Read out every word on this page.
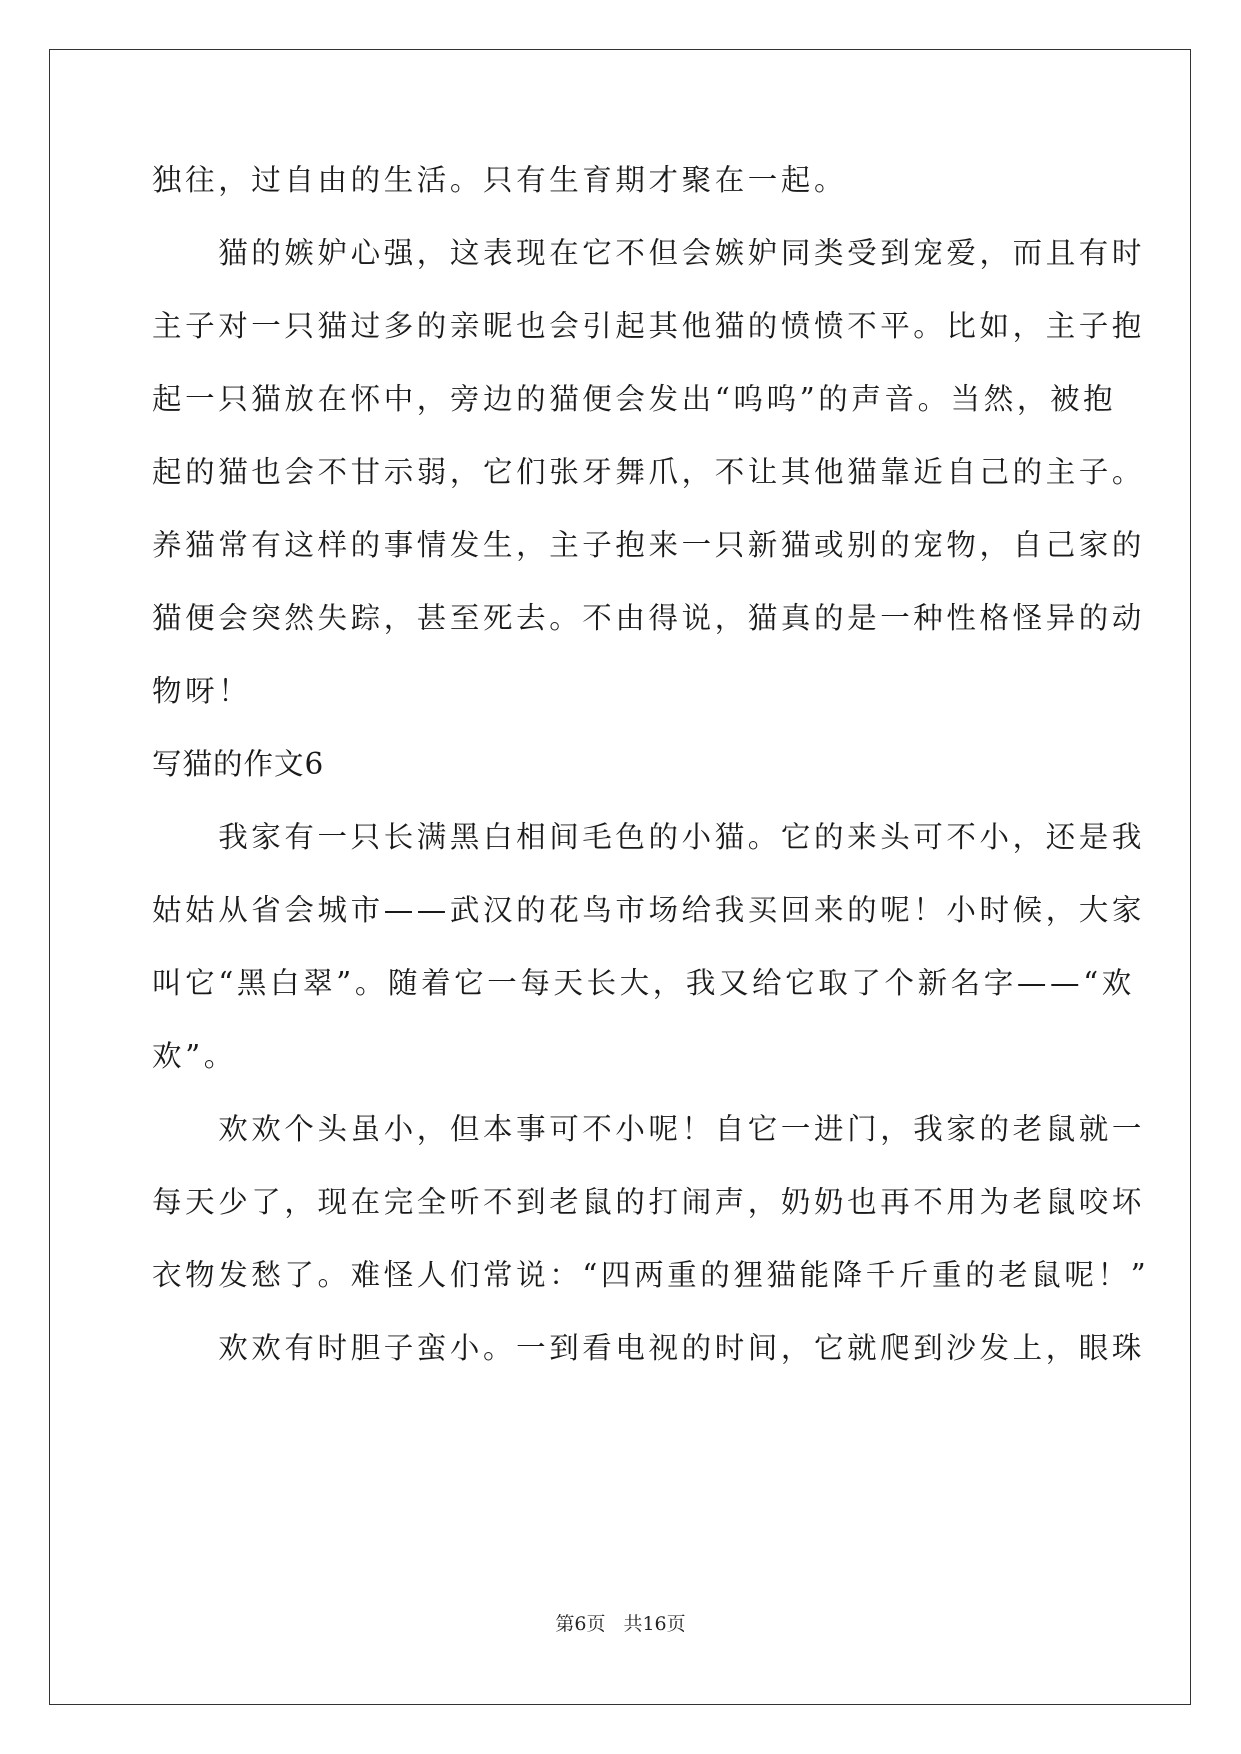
独往，过自由的生活。只有生育期才聚在一起。
　　猫的嫉妒心强，这表现在它不但会嫉妒同类受到宠爱，而且有时
主子对一只猫过多的亲昵也会引起其他猫的愤愤不平。比如，主子抱
起一只猫放在怀中，旁边的猫便会发出“呜呜”的声音。当然，被抱
起的猫也会不甘示弱，它们张牙舞爪，不让其他猫靠近自己的主子。
养猫常有这样的事情发生，主子抱来一只新猫或别的宠物，自己家的
猫便会突然失踪，甚至死去。不由得说，猫真的是一种性格怪异的动
物呀！
写猫的作文6
　　我家有一只长满黑白相间毛色的小猫。它的来头可不小，还是我
姑姑从省会城市——武汉的花鸟市场给我买回来的呢！小时候，大家
叫它“黑白翠”。随着它一每天长大，我又给它取了个新名字——“欢
欢”。
　　欢欢个头虽小，但本事可不小呢！自它一进门，我家的老鼠就一
每天少了，现在完全听不到老鼠的打闹声，奶奶也再不用为老鼠咬坏
衣物发愁了。难怪人们常说：“四两重的狸猫能降千斤重的老鼠呢！”
　　欢欢有时胆子蛮小。一到看电视的时间，它就爬到沙发上，眼珠
第6页 共16页
